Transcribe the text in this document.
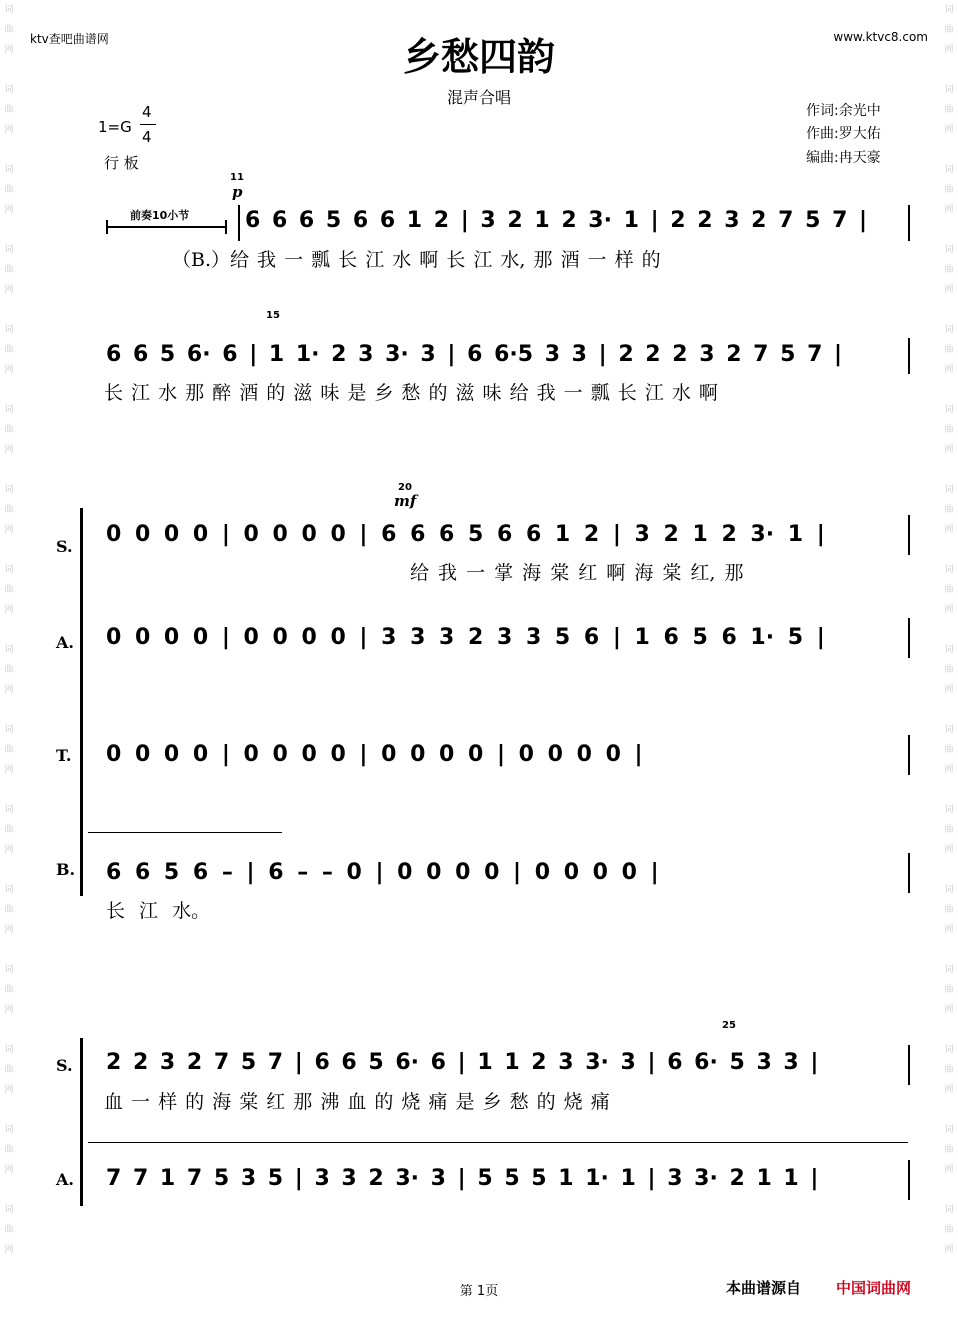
词
曲
网

词
曲
网

词
曲
网

词
曲
网

词
曲
网

词
曲
网

词
曲
网

词
曲
网

词
曲
网

词
曲
网

词
曲
网

词
曲
网

词
曲
网

词
曲
网

词
曲
网

词
曲
网
词
曲
网

词
曲
网

词
曲
网

词
曲
网

词
曲
网

词
曲
网

词
曲
网

词
曲
网

词
曲
网

词
曲
网

词
曲
网

词
曲
网

词
曲
网

词
曲
网

词
曲
网

词
曲
网
ktv查吧曲谱网	www.ktvc8.com
乡愁四韵
混声合唱
1=G
4
4
行 板
作词:余光中
作曲:罗大佑
编曲:冉天豪
11
p
前奏10小节	6 6 6 5 6 6 1 2 | 3 2 1 2 3· 1 | 2 2 3 2 7 5 7 |
（B.）给 我 一 瓢 长 江 水 啊 长 江 水, 那 酒 一 样 的
15
6 6 5 6· 6 | 1 1· 2 3 3· 3 | 6 6·5 3 3 | 2 2 2 3 2 7 5 7 |
长 江 水 那 醉 酒 的 滋 味 是 乡 愁 的 滋 味 给 我 一 瓢 长 江 水 啊
20
mf
S. 0 0 0 0 | 0 0 0 0 | 6 6 6 5 6 6 1 2 | 3 2 1 2 3· 1 |
给 我 一 掌 海 棠 红 啊 海 棠 红, 那
A. 0 0 0 0 | 0 0 0 0 | 3 3 3 2 3 3 5 6 | 1 6 5 6 1· 5 |
T. 0 0 0 0 | 0 0 0 0 | 0 0 0 0 | 0 0 0 0 |
B. 6 6 5 6 – | 6 – – 0 | 0 0 0 0 | 0 0 0 0 |
长 江 水。
25
S. 2 2 3 2 7 5 7 | 6 6 5 6· 6 | 1 1 2 3 3· 3 | 6 6· 5 3 3 |
血 一 样 的 海 棠 红 那 沸 血 的 烧 痛 是 乡 愁 的 烧 痛
A. 7 7 1 7 5 3 5 | 3 3 2 3· 3 | 5 5 5 1 1· 1 | 3 3· 2 1 1 |
第 1页	本曲谱源自 中国词曲网
